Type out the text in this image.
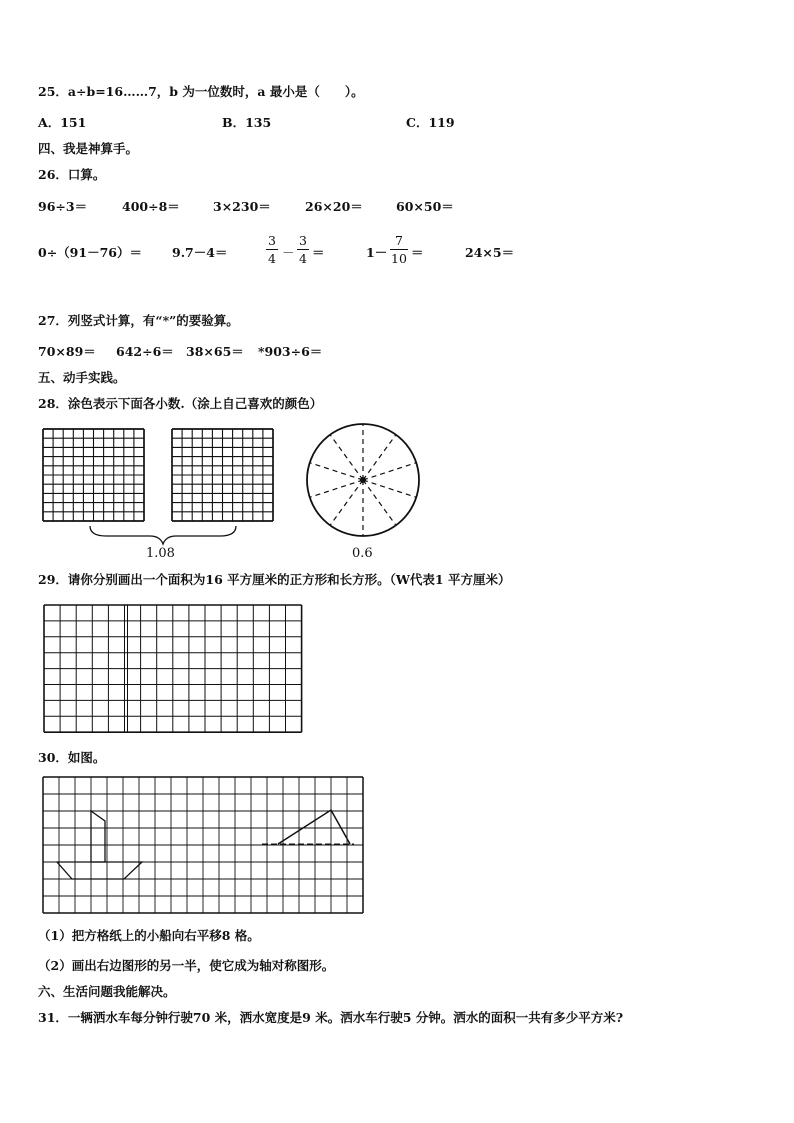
25．a÷b=16……7，b 为一位数时，a 最小是（　　）。
A．151	B．135	C．119
四、我是神算手。
26．口算。
96÷3＝	400÷8＝	3×230＝	26×20＝	60×50＝
0÷（91－76）＝ 9.7－4＝
3
4 －
3
4 ＝	1－
7
10 ＝	24×5＝
27．列竖式计算，有“*”的要验算。
70×89＝ 642÷6＝ 38×65＝ *903÷6＝
五、动手实践。
28．涂色表示下面各小数.（涂上自己喜欢的颜色）
1.08	0.6
29．请你分别画出一个面积为16 平方厘米的正方形和长方形。（W代表1 平方厘米）
30．如图。
（1）把方格纸上的小船向右平移8 格。
（2）画出右边图形的另一半，使它成为轴对称图形。
六、生活问题我能解决。
31．一辆洒水车每分钟行驶70 米，洒水宽度是9 米。洒水车行驶5 分钟。洒水的面积一共有多少平方米?
